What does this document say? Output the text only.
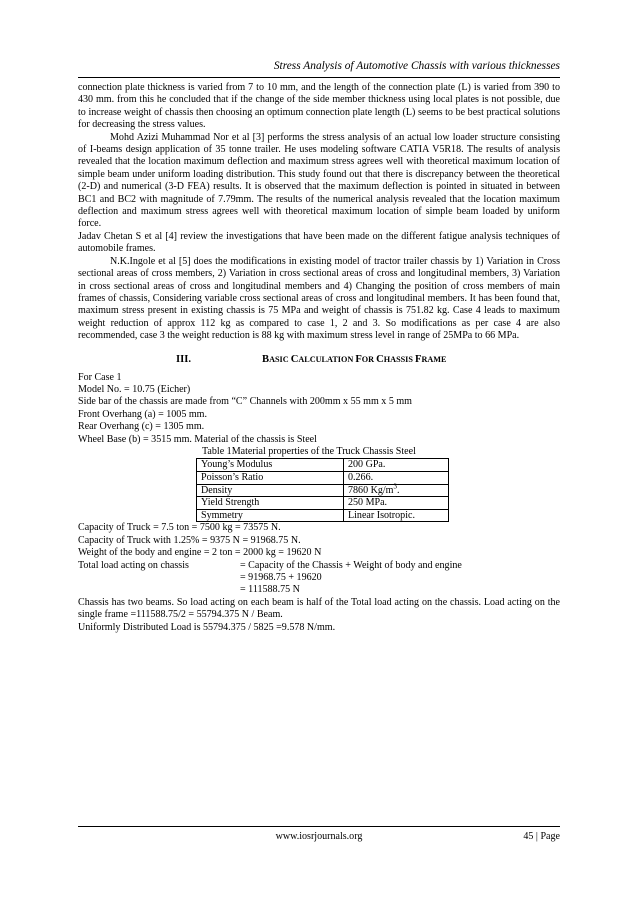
Stress Analysis of Automotive Chassis with various thicknesses

connection plate thickness is varied from 7 to 10 mm, and the length of the connection plate (L) is varied from 390 to 430 mm. from this he concluded that if the change of the side member thickness using local plates is not possible, due to increase weight of chassis then choosing an optimum connection plate length (L) seems to be best practical solutions for decreasing the stress values.

Mohd Azizi Muhammad Nor et al [3] performs the stress analysis of an actual low loader structure consisting of I-beams design application of 35 tonne trailer. He uses modeling software CATIA V5R18. The results of analysis revealed that the location maximum deflection and maximum stress agrees well with theoretical maximum location of simple beam under uniform loading distribution. This study found out that there is discrepancy between the theoretical (2-D) and numerical (3-D FEA) results. It is observed that the maximum deflection is pointed in situated in between BC1 and BC2 with magnitude of 7.79mm. The results of the numerical analysis revealed that the location maximum deflection and maximum stress agrees well with theoretical maximum location of simple beam loaded by uniform force.

Jadav Chetan S et al [4] review the investigations that have been made on the different fatigue analysis techniques of automobile frames.

N.K.Ingole et al [5] does the modifications in existing model of tractor trailer chassis by 1) Variation in Cross sectional areas of cross members, 2) Variation in cross sectional areas of cross and longitudinal members, 3) Variation in cross sectional areas of cross and longitudinal members and 4) Changing the position of cross members of main frames of chassis, Considering variable cross sectional areas of cross and longitudinal members. It has been found that, maximum stress present in existing chassis is 75 MPa and weight of chassis is 751.82 kg. Case 4 leads to maximum weight reduction of approx 112 kg as compared to case 1, 2 and 3. So modifications as per case 4 are also recommended, case 3 the weight reduction is 88 kg with maximum stress level in range of 25MPa to 66 MPa.

III.	BASIC CALCULATION FOR CHASSIS FRAME

For Case 1

Model No. = 10.75 (Eicher)

Side bar of the chassis are made from “C” Channels with 200mm x 55 mm x 5 mm

Front Overhang (a) = 1005 mm.

Rear Overhang (c) = 1305 mm.

Wheel Base (b) = 3515 mm. Material of the chassis is Steel

Table 1Material properties of the Truck Chassis Steel

Young’s Modulus	200 GPa.
Poisson’s Ratio	0.266.
Density	7860 $Kg/m^3$.
Yield Strength	250 MPa.
Symmetry	Linear Isotropic.

Capacity of Truck = 7.5 ton = 7500 kg = 73575 N.

Capacity of Truck with 1.25% = 9375 N = 91968.75 N.

Weight of the body and engine = 2 ton = 2000 kg = 19620 N

Total load acting on chassis	= Capacity of the Chassis + Weight of body and engine
= 91968.75 + 19620
= 111588.75 N

Chassis has two beams. So load acting on each beam is half of the Total load acting on the chassis. Load acting on the single frame =111588.75/2 = 55794.375 N / Beam.

Uniformly Distributed Load is 55794.375 / 5825 =9.578 N/mm.

www.iosrjournals.org	45 | Page
